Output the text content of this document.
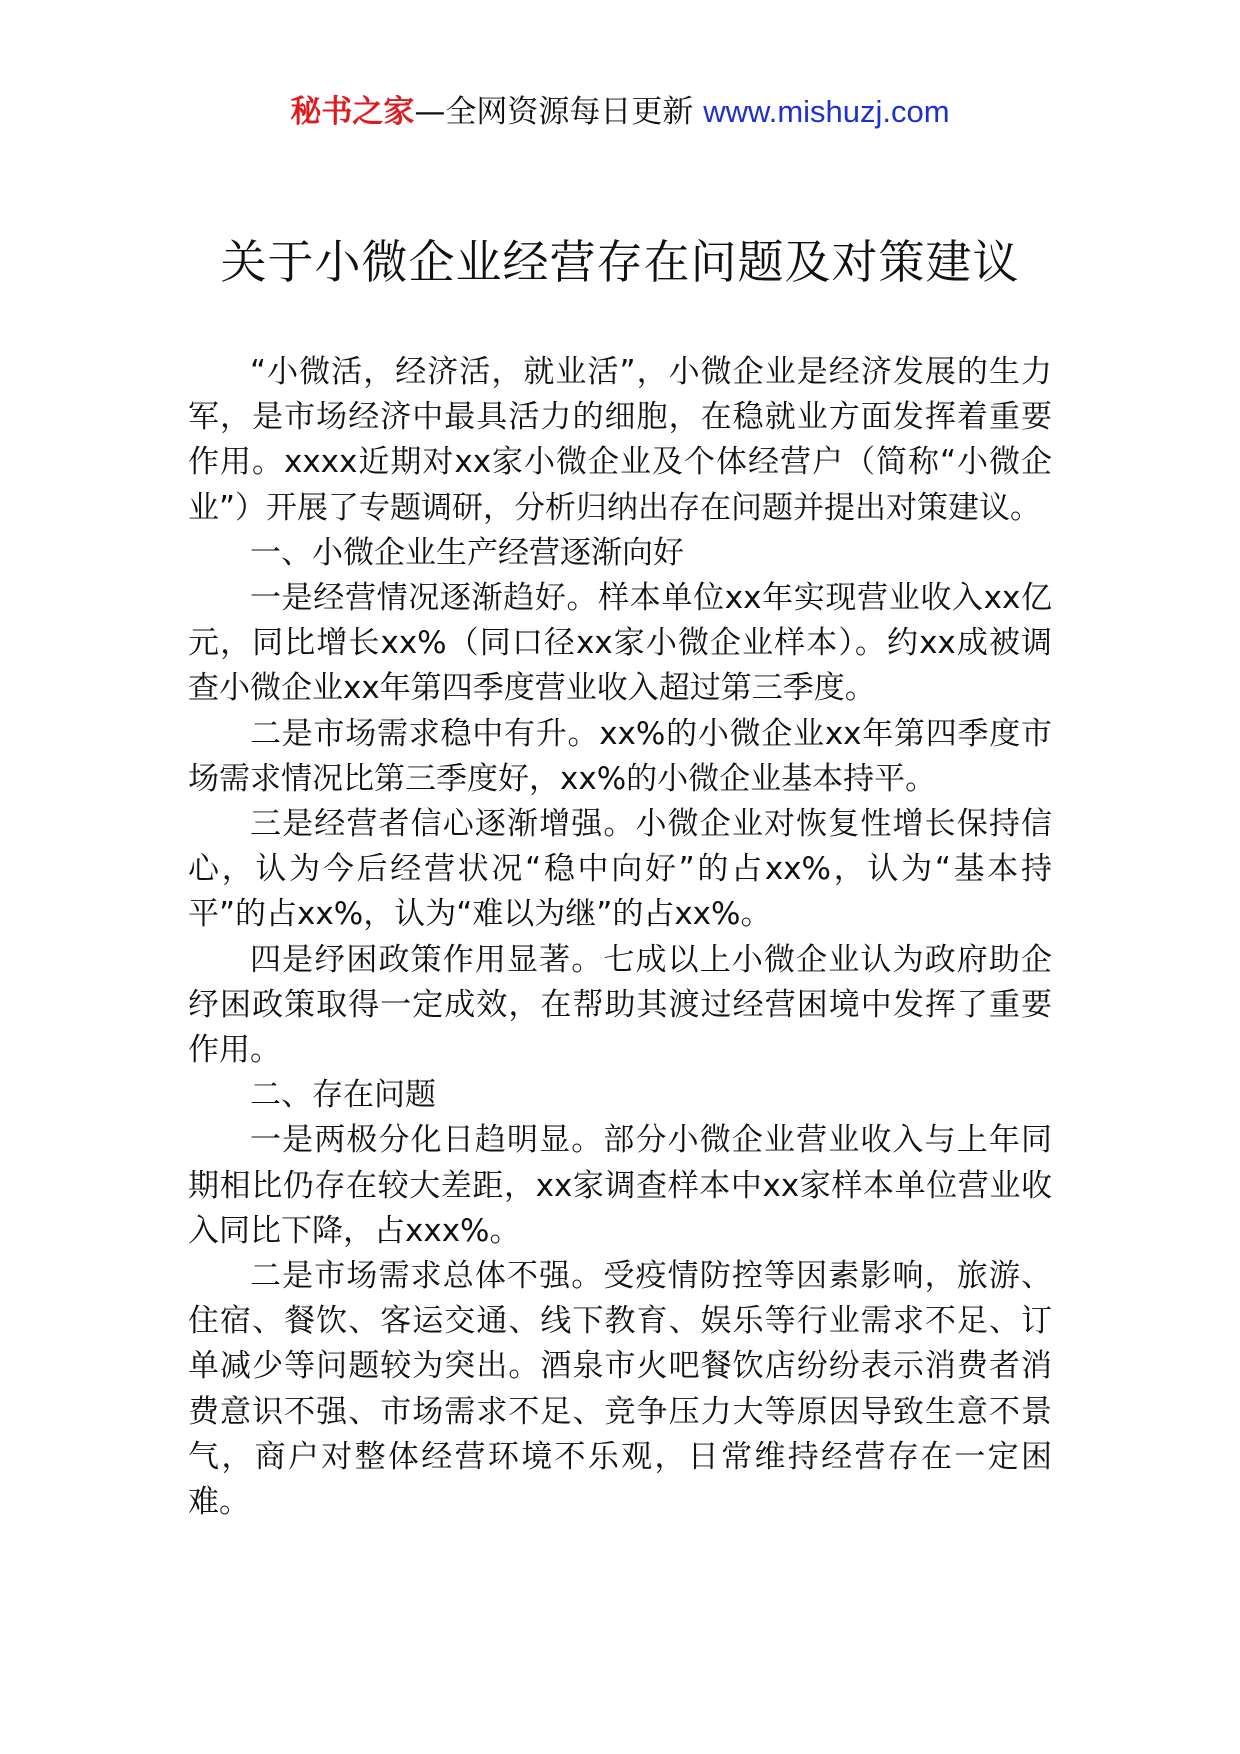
秘书之家—全网资源每日更新 www.mishuzj.com
关于小微企业经营存在问题及对策建议

“小微活，经济活，就业活”，小微企业是经济发展的生力军，是市场经济中最具活力的细胞，在稳就业方面发挥着重要作用。xxxx近期对xx家小微企业及个体经营户（简称“小微企业”）开展了专题调研，分析归纳出存在问题并提出对策建议。

一、小微企业生产经营逐渐向好

一是经营情况逐渐趋好。样本单位xx年实现营业收入xx亿元，同比增长xx%（同口径xx家小微企业样本）。约xx成被调查小微企业xx年第四季度营业收入超过第三季度。

二是市场需求稳中有升。xx%的小微企业xx年第四季度市场需求情况比第三季度好，xx%的小微企业基本持平。

三是经营者信心逐渐增强。小微企业对恢复性增长保持信心，认为今后经营状况“稳中向好”的占xx%，认为“基本持平”的占xx%，认为“难以为继”的占xx%。

四是纾困政策作用显著。七成以上小微企业认为政府助企纾困政策取得一定成效，在帮助其渡过经营困境中发挥了重要作用。

二、存在问题

一是两极分化日趋明显。部分小微企业营业收入与上年同期相比仍存在较大差距，xx家调查样本中xx家样本单位营业收入同比下降，占xxx%。

二是市场需求总体不强。受疫情防控等因素影响，旅游、住宿、餐饮、客运交通、线下教育、娱乐等行业需求不足、订单减少等问题较为突出。酒泉市火吧餐饮店纷纷表示消费者消费意识不强、市场需求不足、竞争压力大等原因导致生意不景气，商户对整体经营环境不乐观，日常维持经营存在一定困难。
